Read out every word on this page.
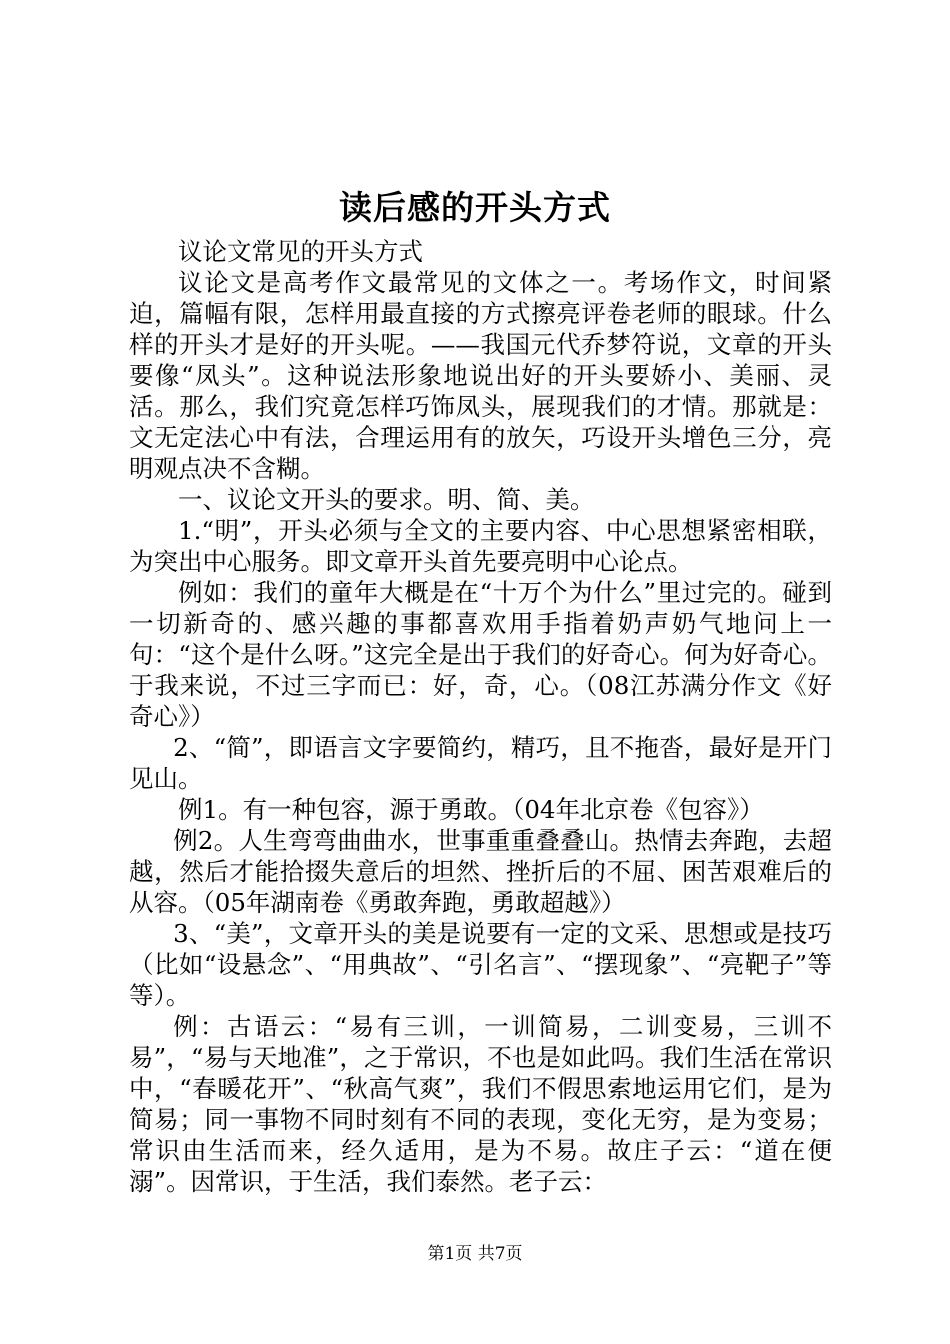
读后感的开头方式

议论文常见的开头方式

议论文是高考作文最常见的文体之一。考场作文，时间紧迫，篇幅有限，怎样用最直接的方式擦亮评卷老师的眼球。什么样的开头才是好的开头呢。——我国元代乔梦符说，文章的开头要像“凤头”。这种说法形象地说出好的开头要娇小、美丽、灵活。那么，我们究竟怎样巧饰凤头，展现我们的才情。那就是：文无定法心中有法，合理运用有的放矢，巧设开头增色三分，亮明观点决不含糊。

一、议论文开头的要求。明、简、美。

1.“明”，开头必须与全文的主要内容、中心思想紧密相联，为突出中心服务。即文章开头首先要亮明中心论点。

例如：我们的童年大概是在“十万个为什么”里过完的。碰到一切新奇的、感兴趣的事都喜欢用手指着奶声奶气地问上一句：“这个是什么呀。”这完全是出于我们的好奇心。何为好奇心。于我来说，不过三字而已：好，奇，心。（08江苏满分作文《好奇心》）

2、“简”，即语言文字要简约，精巧，且不拖沓，最好是开门见山。

例1。有一种包容，源于勇敢。（04年北京卷《包容》）

例2。人生弯弯曲曲水，世事重重叠叠山。热情去奔跑，去超越，然后才能拾掇失意后的坦然、挫折后的不屈、困苦艰难后的从容。（05年湖南卷《勇敢奔跑，勇敢超越》）

3、“美”，文章开头的美是说要有一定的文采、思想或是技巧（比如“设悬念”、“用典故”、“引名言”、“摆现象”、“亮靶子”等等）。

例：古语云：“易有三训，一训简易，二训变易，三训不易”，“易与天地准”，之于常识，不也是如此吗。我们生活在常识中，“春暖花开”、“秋高气爽”，我们不假思索地运用它们，是为简易；同一事物不同时刻有不同的表现，变化无穷，是为变易；常识由生活而来，经久适用，是为不易。故庄子云：“道在便溺”。因常识，于生活，我们泰然。老子云：

第1页 共7页
